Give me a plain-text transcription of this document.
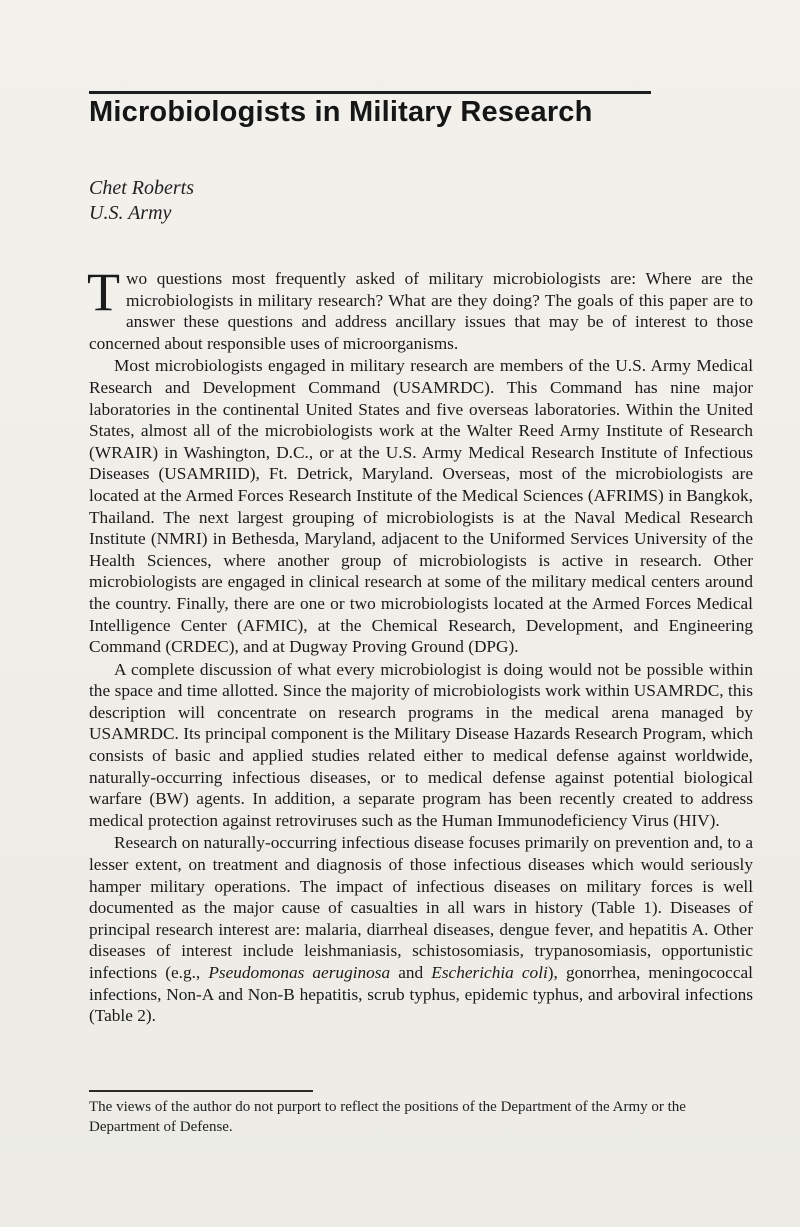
Microbiologists in Military Research
Chet Roberts
U.S. Army

Two questions most frequently asked of military microbiologists are: Where are the microbiologists in military research? What are they doing? The goals of this paper are to answer these questions and address ancillary issues that may be of interest to those concerned about responsible uses of microorganisms.

Most microbiologists engaged in military research are members of the U.S. Army Medical Research and Development Command (USAMRDC). This Command has nine major laboratories in the continental United States and five overseas laboratories. Within the United States, almost all of the microbiologists work at the Walter Reed Army Institute of Research (WRAIR) in Washington, D.C., or at the U.S. Army Medical Research Institute of Infectious Diseases (USAMRIID), Ft. Detrick, Maryland. Overseas, most of the microbiologists are located at the Armed Forces Research Institute of the Medical Sciences (AFRIMS) in Bangkok, Thailand. The next largest grouping of microbiologists is at the Naval Medical Research Institute (NMRI) in Bethesda, Maryland, adjacent to the Uniformed Services University of the Health Sciences, where another group of microbiologists is active in research. Other microbiologists are engaged in clinical research at some of the military medical centers around the country. Finally, there are one or two microbiologists located at the Armed Forces Medical Intelligence Center (AFMIC), at the Chemical Research, Development, and Engineering Command (CRDEC), and at Dugway Proving Ground (DPG).

A complete discussion of what every microbiologist is doing would not be possible within the space and time allotted. Since the majority of microbiologists work within USAMRDC, this description will concentrate on research programs in the medical arena managed by USAMRDC. Its principal component is the Military Disease Hazards Research Program, which consists of basic and applied studies related either to medical defense against worldwide, naturally-occurring infectious diseases, or to medical defense against potential biological warfare (BW) agents. In addition, a separate program has been recently created to address medical protection against retroviruses such as the Human Immunodeficiency Virus (HIV).

Research on naturally-occurring infectious disease focuses primarily on prevention and, to a lesser extent, on treatment and diagnosis of those infectious diseases which would seriously hamper military operations. The impact of infectious diseases on military forces is well documented as the major cause of casualties in all wars in history (Table 1). Diseases of principal research interest are: malaria, diarrheal diseases, dengue fever, and hepatitis A. Other diseases of interest include leishmaniasis, schistosomiasis, trypanosomiasis, opportunistic infections (e.g., Pseudomonas aeruginosa and Escherichia coli), gonorrhea, meningococcal infections, Non-A and Non-B hepatitis, scrub typhus, epidemic typhus, and arboviral infections (Table 2).

The views of the author do not purport to reflect the positions of the Department of the Army or the Department of Defense.
